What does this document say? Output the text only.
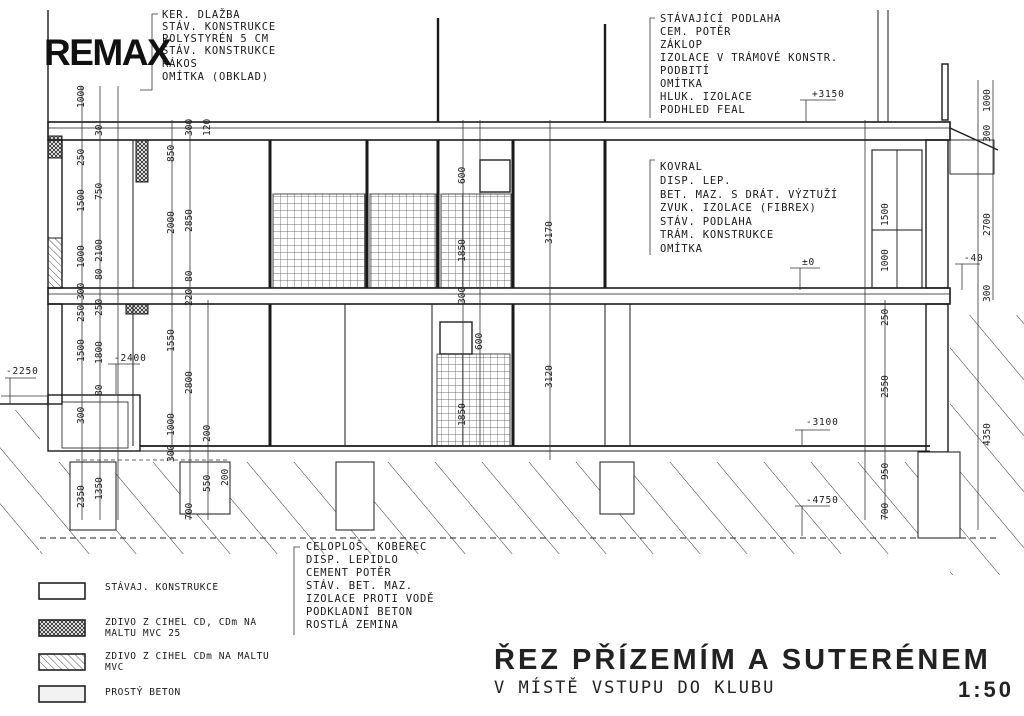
REMAX
KER. DLAŽBA
STÁV. KONSTRUKCE
POLYSTYRÉN 5 CM
STÁV. KONSTRUKCE
RÁKOS
OMÍTKA (OBKLAD)
STÁVAJÍCÍ PODLAHA
CEM. POTĚR
ZÁKLOP
IZOLACE V TRÁMOVÉ KONSTR.
PODBITÍ
OMÍTKA
HLUK. IZOLACE
PODHLED FEAL
KOVRAL
DISP. LEP.
BET. MAZ. S DRÁT. VÝZTUŽÍ
ZVUK. IZOLACE (FIBREX)
STÁV. PODLAHA
TRÁM. KONSTRUKCE
OMÍTKA
CELOPLOŠ. KOBEREC
DISP. LEPIDLO
CEMENT POTĚR
STÁV. BET. MAZ.
IZOLACE PROTI VODĚ
PODKLADNÍ BETON
ROSTLÁ ZEMINA
+3150
±0	-40
-2250
-2400
-3100
-4750
1000
250
1500
1000
300
750
2100
80
250
1500
300
1800
2350 1350
850
2000 2850
300
80
220
1550
2800
1000
300
700
550
200
600
1850
300
600
1850
3170
3120
1000
300
2700
300
4350
2550
1500
1000
250
950
700
30
80
250
200
120
STÁVAJ. KONSTRUKCE
ZDIVO Z CIHEL CD, CDm NA MALTU MVC 25
ZDIVO Z CIHEL CDm NA MALTU MVC
PROSTÝ BETON
ŘEZ PŘÍZEMÍM A SUTERÉNEM
V MÍSTĚ VSTUPU DO KLUBU	1:50
